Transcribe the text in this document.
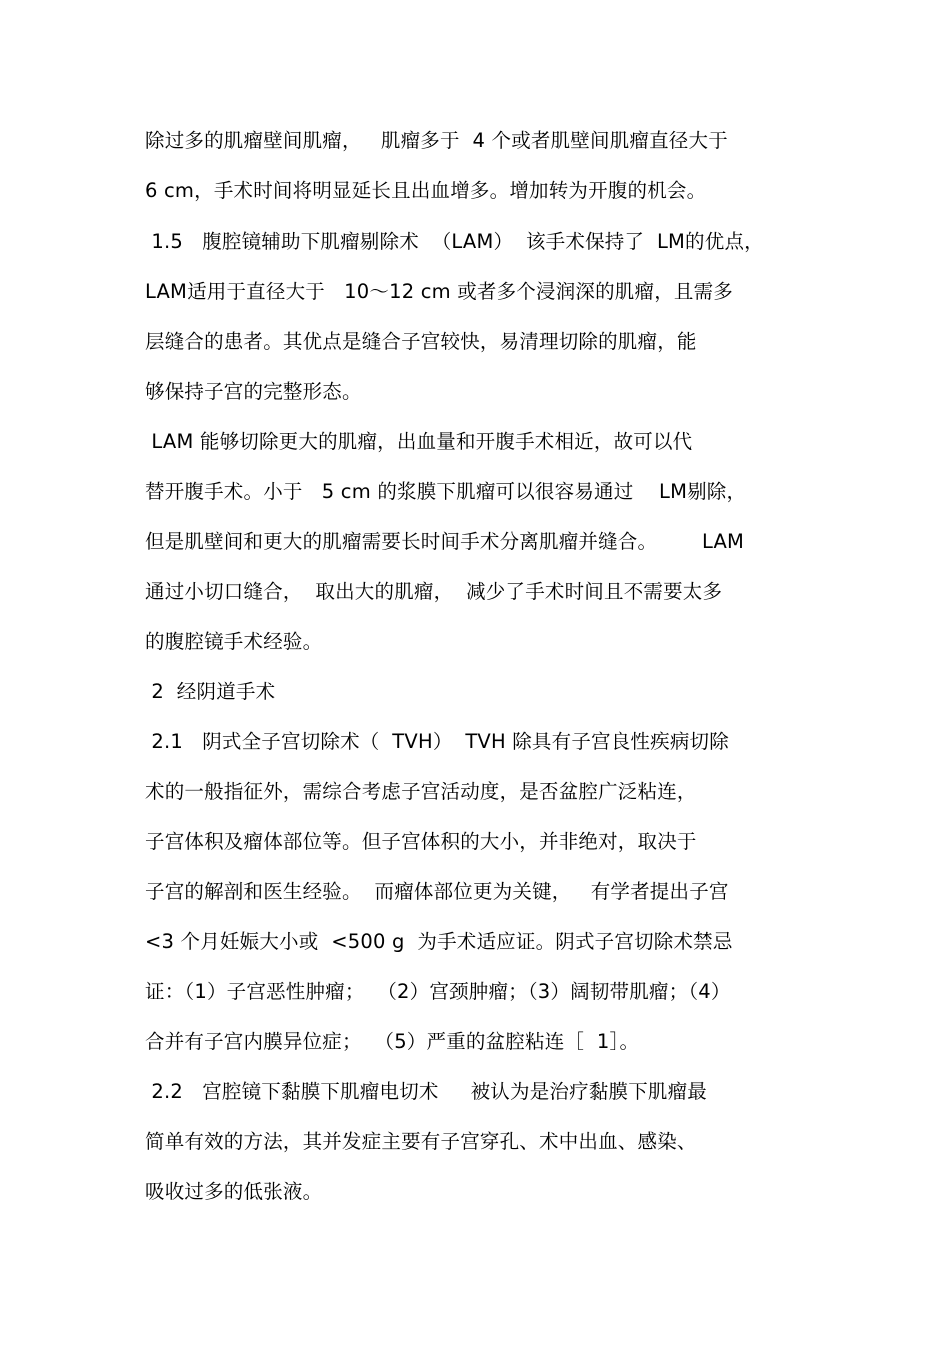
除过多的肌瘤壁间肌瘤，   肌瘤多于  4 个或者肌壁间肌瘤直径大于
6 cm，手术时间将明显延长且出血增多。增加转为开腹的机会。
1.5   腹腔镜辅助下肌瘤剔除术  （LAM）  该手术保持了  LM的优点，
LAM适用于直径大于   10～12 cm 或者多个浸润深的肌瘤，且需多
层缝合的患者。其优点是缝合子宫较快，易清理切除的肌瘤，能
够保持子宫的完整形态。
LAM 能够切除更大的肌瘤，出血量和开腹手术相近，故可以代
替开腹手术。小于   5 cm 的浆膜下肌瘤可以很容易通过    LM剔除，
但是肌壁间和更大的肌瘤需要长时间手术分离肌瘤并缝合。       LAM
通过小切口缝合，  取出大的肌瘤，  减少了手术时间且不需要太多
的腹腔镜手术经验。
2  经阴道手术
2.1   阴式全子宫切除术（  TVH）  TVH 除具有子宫良性疾病切除
术的一般指征外，需综合考虑子宫活动度，是否盆腔广泛粘连，
子宫体积及瘤体部位等。但子宫体积的大小，并非绝对，取决于
子宫的解剖和医生经验。  而瘤体部位更为关键，   有学者提出子宫
<3 个月妊娠大小或  <500 g  为手术适应证。阴式子宫切除术禁忌
证：（1）子宫恶性肿瘤；  （2）宫颈肿瘤；（3）阔韧带肌瘤；（4）
合并有子宫内膜异位症；  （5）严重的盆腔粘连［  1］。
2.2   宫腔镜下黏膜下肌瘤电切术     被认为是治疗黏膜下肌瘤最
简单有效的方法，其并发症主要有子宫穿孔、术中出血、感染、
吸收过多的低张液。
